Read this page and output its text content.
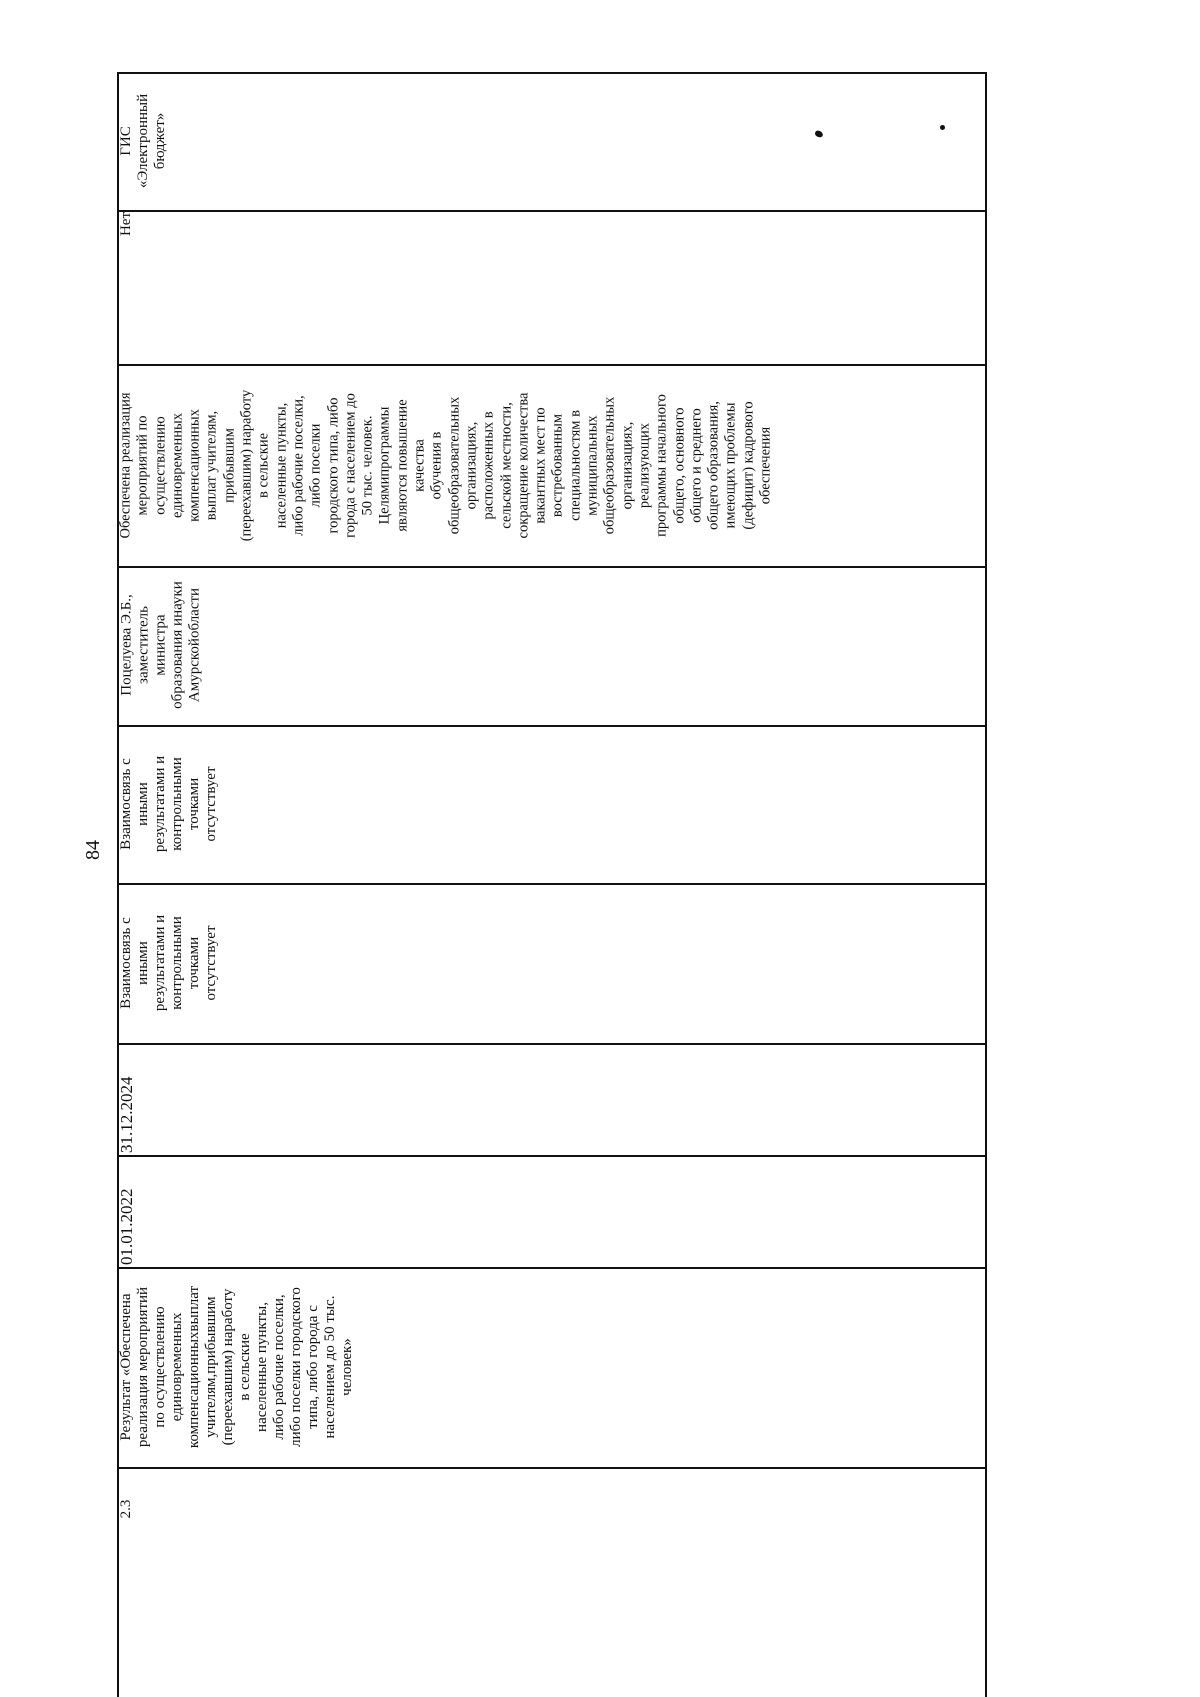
84
2.3
Результат «Обеспечена
реализация мероприятий
по осуществлению
единовременных
компенсационныхвыплат
учителям,прибывшим
(переехавшим) наработу
в сельские
населенные пункты,
либо рабочие поселки,
либо поселки городского
типа, либо города с
населением до 50 тыс.
человек»
01.01.2022
31.12.2024
Взаимосвязь с
иными
результатами и
контрольными
точками
отсутствует
Взаимосвязь с
иными
результатами и
контрольными
точками
отсутствует
Поцелуева Э.Б.,
заместитель
министра
образования инауки
Амурскойобласти
Обеспечена реализация
мероприятий по
осуществлению
единовременных
компенсационных
выплат учителям,
прибывшим
(переехавшим) наработу
в сельские
населенные пункты,
либо рабочие поселки,
либо поселки
городского типа, либо
города с населением до
50 тыс. человек.
Целямипрограммы
являются повышение
качества
обучения в
общеобразовательных
организациях,
расположенных в
сельской местности,
сокращение количества
вакантных мест по
востребованным
специальностям в
муниципальных
общеобразовательных
организациях,
реализующих
программы начального
общего, основного
общего и среднего
общего образования,
имеющих проблемы
(дефицит) кадрового
обеспечения
Нет
ГИС
«Электронный
бюджет»
